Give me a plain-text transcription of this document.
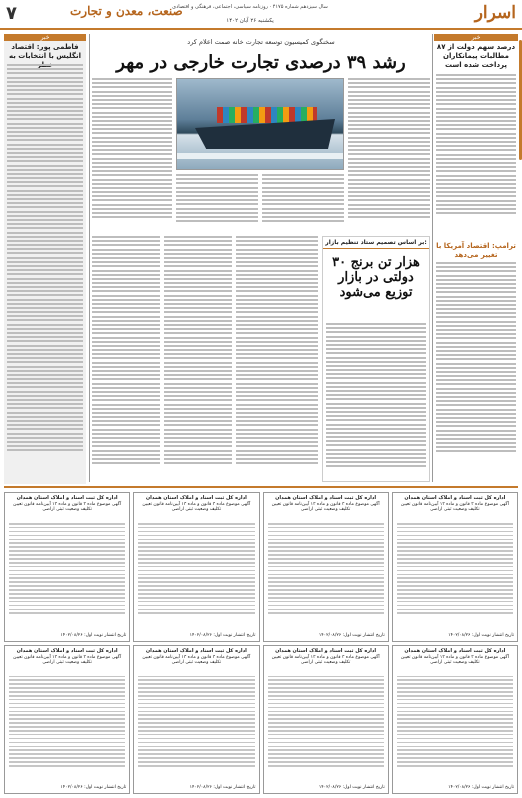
اسرار
سال سیزدهم شماره ۴۱۷۵ · روزنامه سیاسی، اجتماعی، فرهنگی و اقتصادی
یکشنبه ۲۶ آبان ۱۴۰۲
صنعت، معدن و تجارت
۷
خبر
۸۷ درصد سهم دولت از مطالبات پیمانکاران پرداخت شده است
ترامپ: اقتصاد آمریکا با تغییر می‌دهد
خبر
فاطمی پور: اقتصاد انگلیس با انتخابات به
سخنگوی کمیسیون توسعه تجارت خانه صمت اعلام کرد
رشد ۳۹ درصدی تجارت خارجی در مهر
بر اساس تصمیم ستاد تنظیم بازار:
۳۰ هزار تن برنج
دولتی در بازار
توزیع می‌شود
اداره کل ثبت اسناد و املاک استان همدان
آگهی موضوع ماده ۳ قانون و ماده ۱۳ آیین‌نامه قانون تعیین تکلیف وضعیت ثبتی اراضی
تاریخ انتشار نوبت اول: ۱۴۰۲/۰۸/۲۶
اداره کل ثبت اسناد و املاک استان همدان
آگهی موضوع ماده ۳ قانون و ماده ۱۳ آیین‌نامه قانون تعیین تکلیف وضعیت ثبتی اراضی
تاریخ انتشار نوبت اول: ۱۴۰۲/۰۸/۲۶
اداره کل ثبت اسناد و املاک استان همدان
آگهی موضوع ماده ۳ قانون و ماده ۱۳ آیین‌نامه قانون تعیین تکلیف وضعیت ثبتی اراضی
تاریخ انتشار نوبت اول: ۱۴۰۲/۰۸/۲۶
اداره کل ثبت اسناد و املاک استان همدان
آگهی موضوع ماده ۳ قانون و ماده ۱۳ آیین‌نامه قانون تعیین تکلیف وضعیت ثبتی اراضی
تاریخ انتشار نوبت اول: ۱۴۰۲/۰۸/۲۶
اداره کل ثبت اسناد و املاک استان همدان
آگهی موضوع ماده ۳ قانون و ماده ۱۳ آیین‌نامه قانون تعیین تکلیف وضعیت ثبتی اراضی
تاریخ انتشار نوبت اول: ۱۴۰۲/۰۸/۲۶
اداره کل ثبت اسناد و املاک استان همدان
آگهی موضوع ماده ۳ قانون و ماده ۱۳ آیین‌نامه قانون تعیین تکلیف وضعیت ثبتی اراضی
تاریخ انتشار نوبت اول: ۱۴۰۲/۰۸/۲۶
اداره کل ثبت اسناد و املاک استان همدان
آگهی موضوع ماده ۳ قانون و ماده ۱۳ آیین‌نامه قانون تعیین تکلیف وضعیت ثبتی اراضی
تاریخ انتشار نوبت اول: ۱۴۰۲/۰۸/۲۶
اداره کل ثبت اسناد و املاک استان همدان
آگهی موضوع ماده ۳ قانون و ماده ۱۳ آیین‌نامه قانون تعیین تکلیف وضعیت ثبتی اراضی
تاریخ انتشار نوبت اول: ۱۴۰۲/۰۸/۲۶
